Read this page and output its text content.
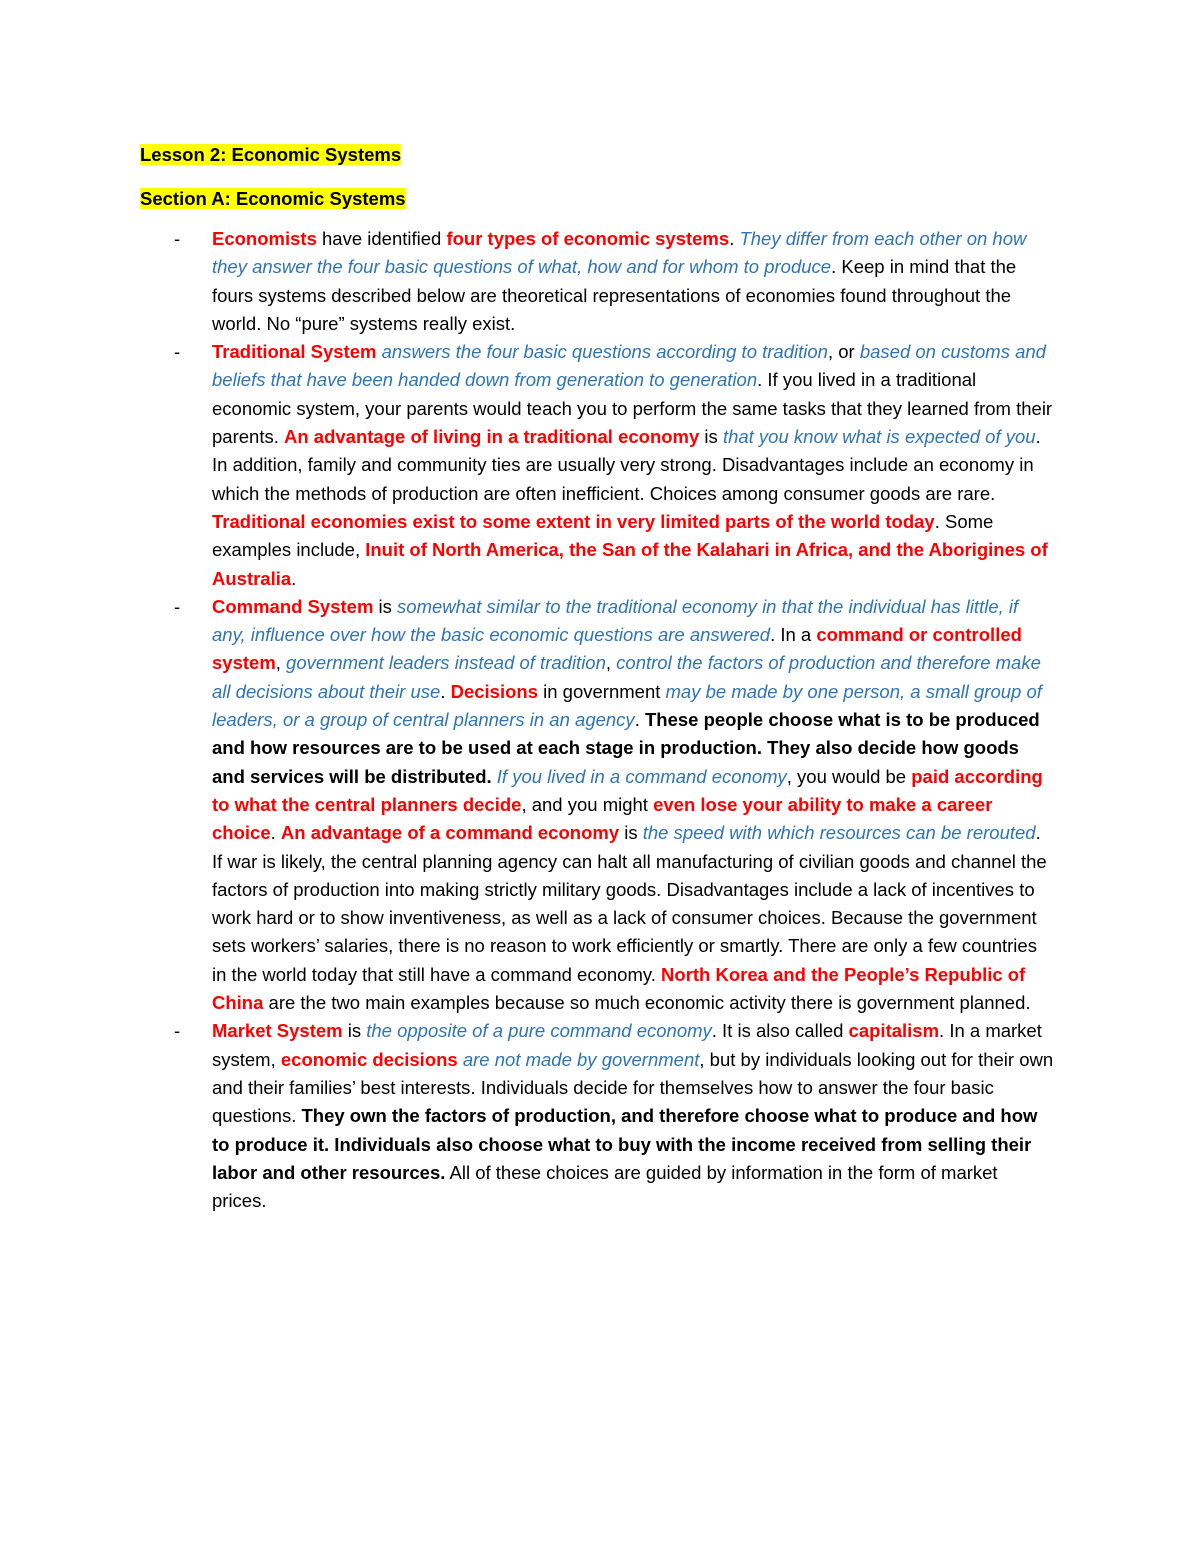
Lesson 2: Economic Systems

Section A: Economic Systems

- Economists have identified four types of economic systems. They differ from each other on how they answer the four basic questions of what, how and for whom to produce. Keep in mind that the fours systems described below are theoretical representations of economies found throughout the world. No “pure” systems really exist.
- Traditional System answers the four basic questions according to tradition, or based on customs and beliefs that have been handed down from generation to generation. If you lived in a traditional economic system, your parents would teach you to perform the same tasks that they learned from their parents. An advantage of living in a traditional economy is that you know what is expected of you. In addition, family and community ties are usually very strong. Disadvantages include an economy in which the methods of production are often inefficient. Choices among consumer goods are rare. Traditional economies exist to some extent in very limited parts of the world today. Some examples include, Inuit of North America, the San of the Kalahari in Africa, and the Aborigines of Australia.
- Command System is somewhat similar to the traditional economy in that the individual has little, if any, influence over how the basic economic questions are answered. In a command or controlled system, government leaders instead of tradition, control the factors of production and therefore make all decisions about their use. Decisions in government may be made by one person, a small group of leaders, or a group of central planners in an agency. These people choose what is to be produced and how resources are to be used at each stage in production. They also decide how goods and services will be distributed. If you lived in a command economy, you would be paid according to what the central planners decide, and you might even lose your ability to make a career choice. An advantage of a command economy is the speed with which resources can be rerouted. If war is likely, the central planning agency can halt all manufacturing of civilian goods and channel the factors of production into making strictly military goods. Disadvantages include a lack of incentives to work hard or to show inventiveness, as well as a lack of consumer choices. Because the government sets workers’ salaries, there is no reason to work efficiently or smartly. There are only a few countries in the world today that still have a command economy. North Korea and the People’s Republic of China are the two main examples because so much economic activity there is government planned.
- Market System is the opposite of a pure command economy. It is also called capitalism. In a market system, economic decisions are not made by government, but by individuals looking out for their own and their families’ best interests. Individuals decide for themselves how to answer the four basic questions. They own the factors of production, and therefore choose what to produce and how to produce it. Individuals also choose what to buy with the income received from selling their labor and other resources. All of these choices are guided by information in the form of market prices.
